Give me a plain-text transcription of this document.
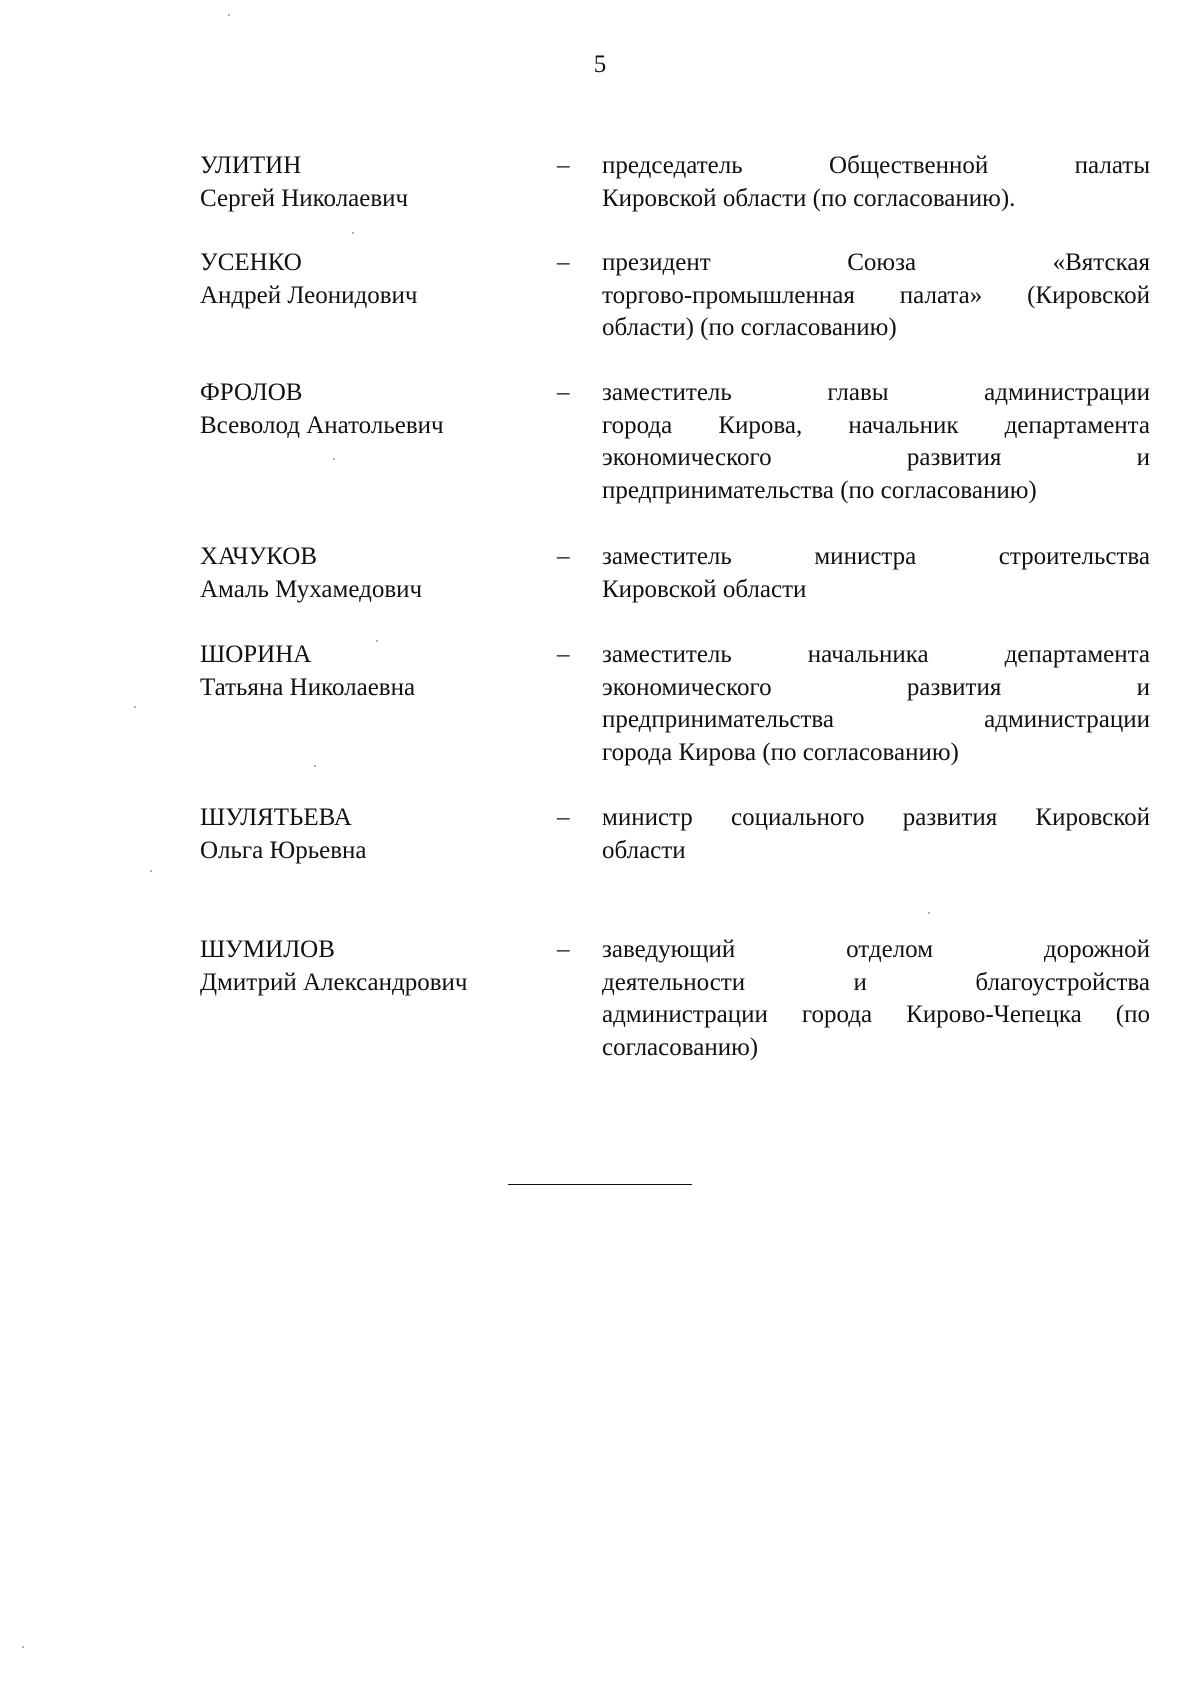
5
УЛИТИН
Сергей Николаевич
–	председатель Общественной палаты
Кировской области (по согласованию).
УСЕНКО
Андрей Леонидович
–	президент Союза «Вятская
торгово-промышленная палата» (Кировской
области) (по согласованию)
ФРОЛОВ
Всеволод Анатольевич
–	заместитель главы администрации
города Кирова, начальник департамента
экономического развития и
предпринимательства (по согласованию)
ХАЧУКОВ
Амаль Мухамедович
–	заместитель министра строительства
Кировской области
ШОРИНА
Татьяна Николаевна
–	заместитель начальника департамента
экономического развития и
предпринимательства администрации
города Кирова (по согласованию)
ШУЛЯТЬЕВА
Ольга Юрьевна
–	министр социального развития Кировской
области
ШУМИЛОВ
Дмитрий Александрович
–	заведующий отделом дорожной
деятельности и благоустройства
администрации города Кирово-Чепецка (по
согласованию)
